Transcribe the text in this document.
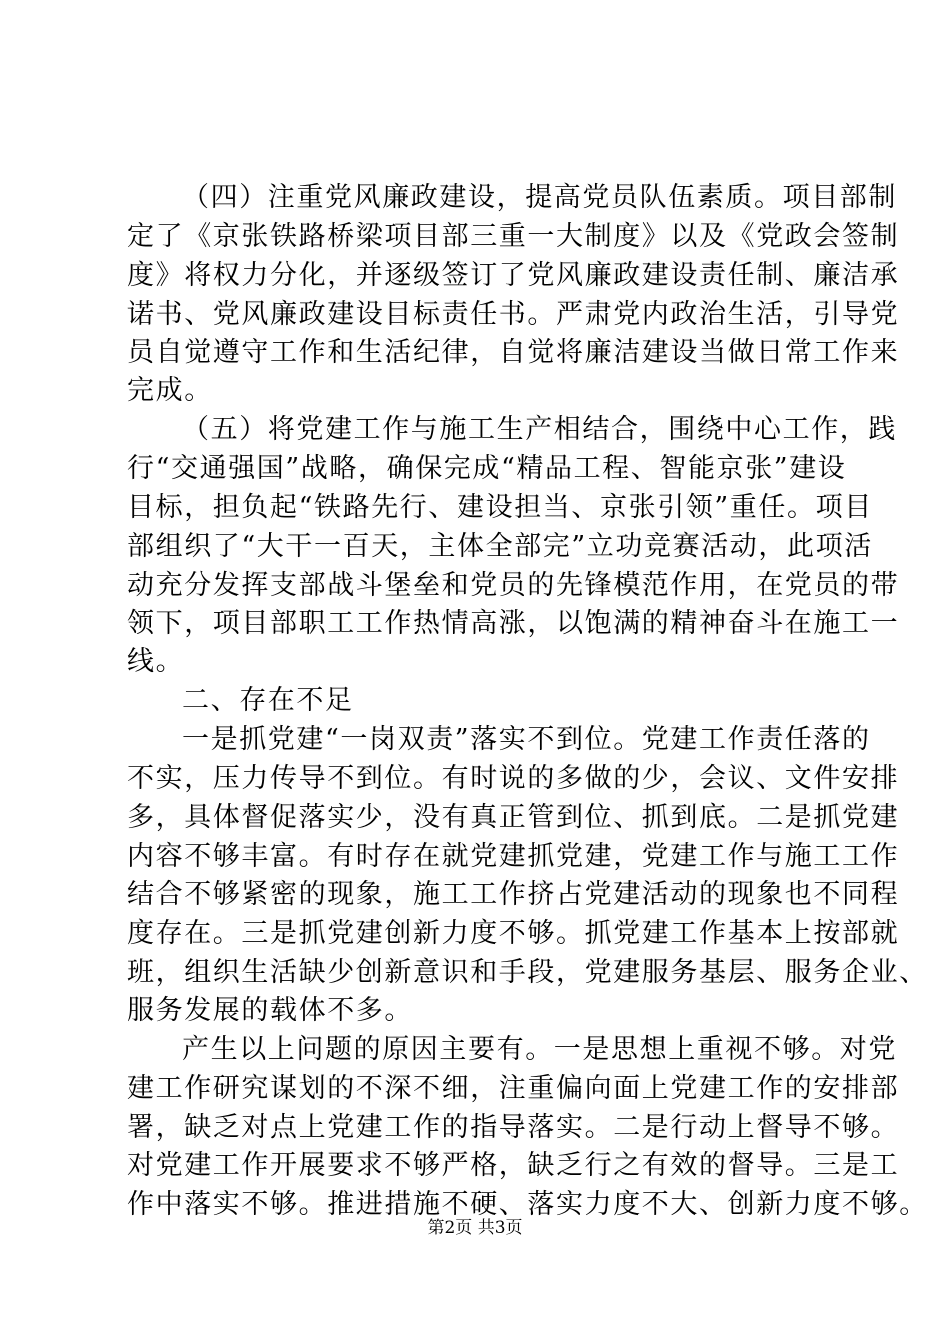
（四）注重党风廉政建设，提高党员队伍素质。项目部制
定了《京张铁路桥梁项目部三重一大制度》以及《党政会签制
度》将权力分化，并逐级签订了党风廉政建设责任制、廉洁承
诺书、党风廉政建设目标责任书。严肃党内政治生活，引导党
员自觉遵守工作和生活纪律，自觉将廉洁建设当做日常工作来
完成。
（五）将党建工作与施工生产相结合，围绕中心工作，践
行“交通强国”战略，确保完成“精品工程、智能京张”建设
目标，担负起“铁路先行、建设担当、京张引领”重任。项目
部组织了“大干一百天，主体全部完”立功竞赛活动，此项活
动充分发挥支部战斗堡垒和党员的先锋模范作用，在党员的带
领下，项目部职工工作热情高涨，以饱满的精神奋斗在施工一
线。
二、存在不足
一是抓党建“一岗双责”落实不到位。党建工作责任落的
不实，压力传导不到位。有时说的多做的少，会议、文件安排
多，具体督促落实少，没有真正管到位、抓到底。二是抓党建
内容不够丰富。有时存在就党建抓党建，党建工作与施工工作
结合不够紧密的现象，施工工作挤占党建活动的现象也不同程
度存在。三是抓党建创新力度不够。抓党建工作基本上按部就
班，组织生活缺少创新意识和手段，党建服务基层、服务企业、
服务发展的载体不多。
产生以上问题的原因主要有。一是思想上重视不够。对党
建工作研究谋划的不深不细，注重偏向面上党建工作的安排部
署，缺乏对点上党建工作的指导落实。二是行动上督导不够。
对党建工作开展要求不够严格，缺乏行之有效的督导。三是工
作中落实不够。推进措施不硬、落实力度不大、创新力度不够。
第2页 共3页
